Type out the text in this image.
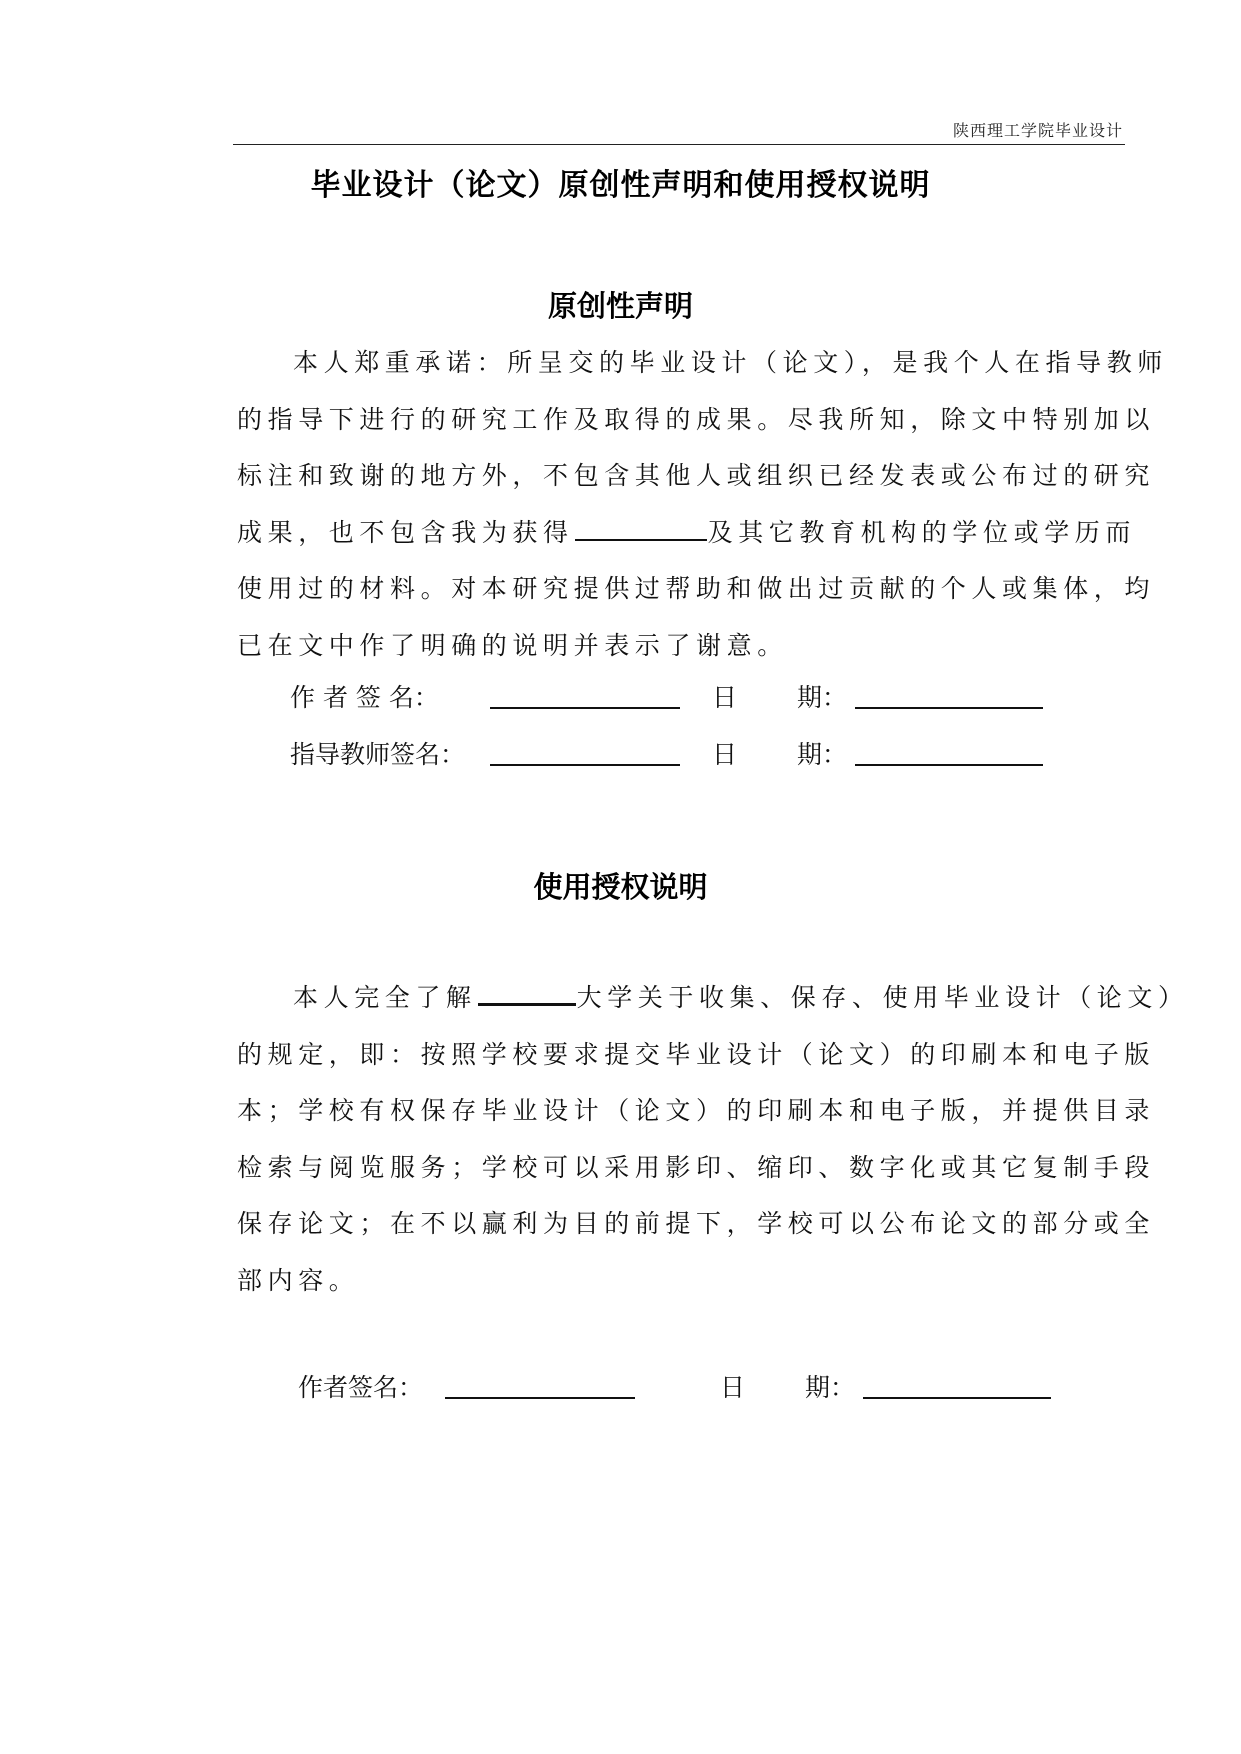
陕西理工学院毕业设计
毕业设计（论文）原创性声明和使用授权说明
原创性声明
本人郑重承诺：所呈交的毕业设计（论文），是我个人在指导教师
的指导下进行的研究工作及取得的成果。尽我所知，除文中特别加以
标注和致谢的地方外，不包含其他人或组织已经发表或公布过的研究
成果，也不包含我为获得	及其它教育机构的学位或学历而
使用过的材料。对本研究提供过帮助和做出过贡献的个人或集体，均
已在文中作了明确的说明并表示了谢意。
作 者 签 名：	日 期：
指导教师签名：	日 期：
使用授权说明
本人完全了解	大学关于收集、保存、使用毕业设计（论文）
的规定，即：按照学校要求提交毕业设计（论文）的印刷本和电子版
本；学校有权保存毕业设计（论文）的印刷本和电子版，并提供目录
检索与阅览服务；学校可以采用影印、缩印、数字化或其它复制手段
保存论文；在不以赢利为目的前提下，学校可以公布论文的部分或全
部内容。
作者签名：	日 期：
